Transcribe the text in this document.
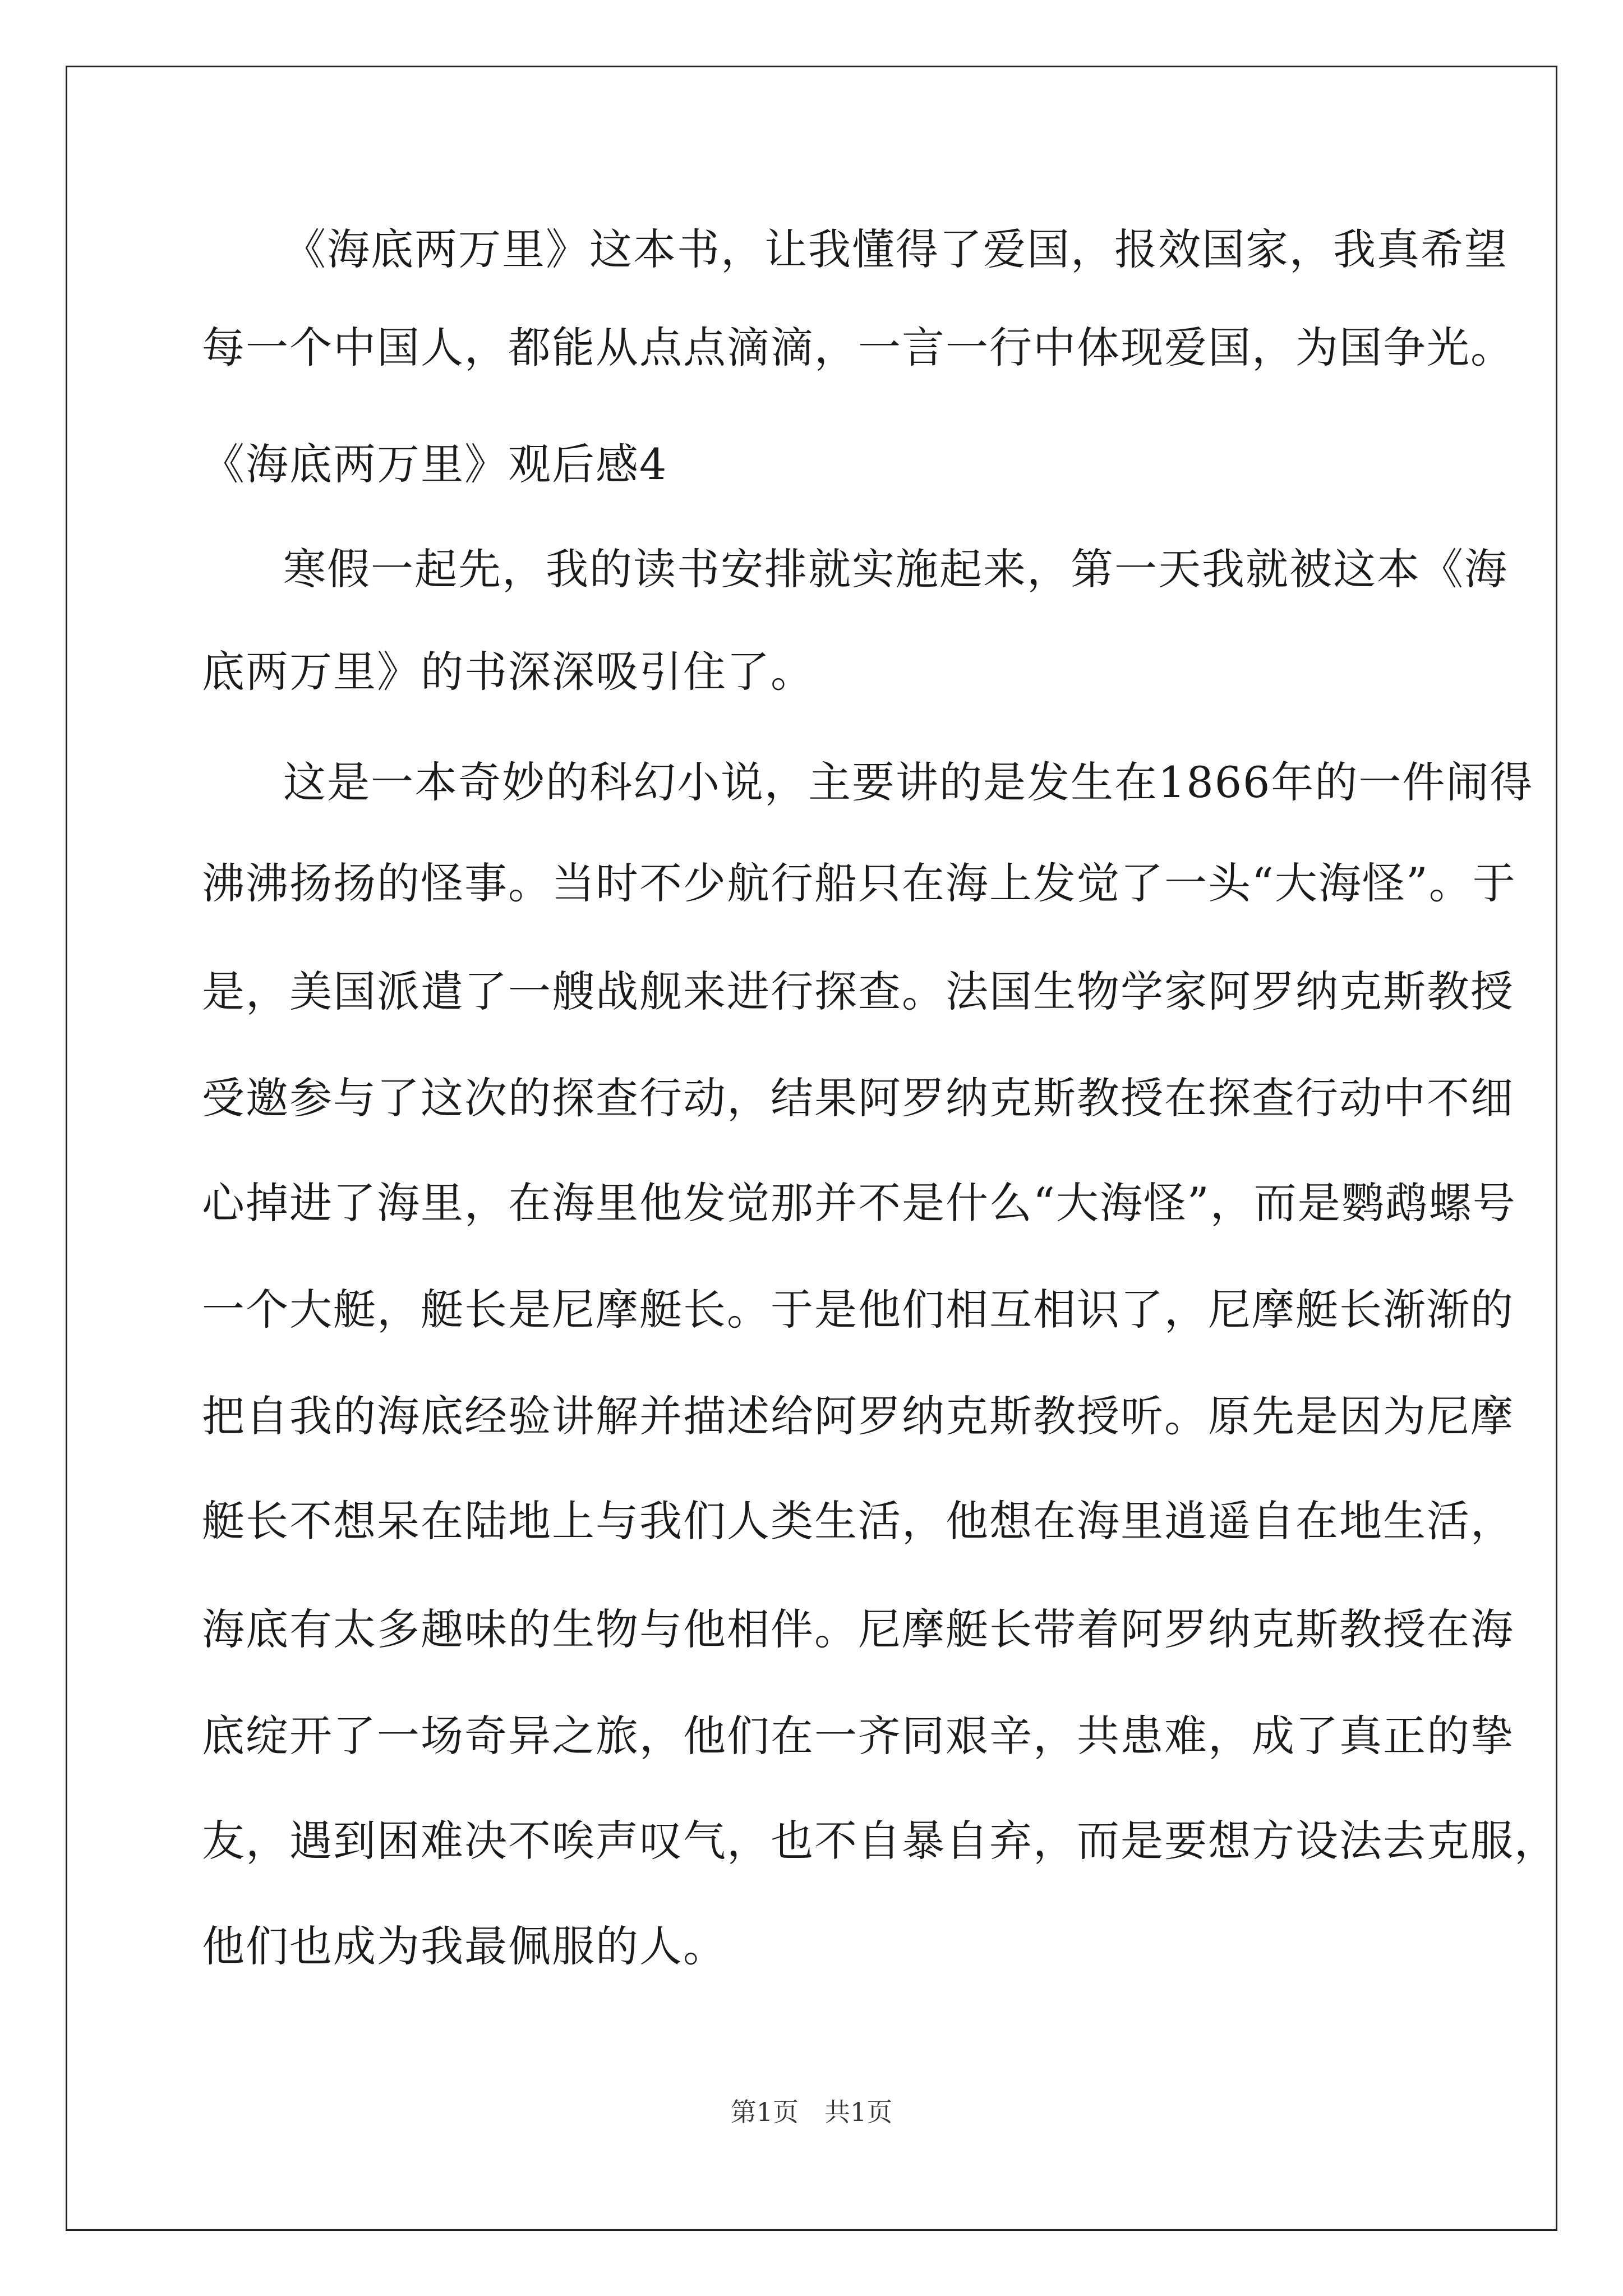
《海底两万里》这本书，让我懂得了爱国，报效国家，我真希望
每一个中国人，都能从点点滴滴，一言一行中体现爱国，为国争光。
《海底两万里》观后感4
寒假一起先，我的读书安排就实施起来，第一天我就被这本《海
底两万里》的书深深吸引住了。
这是一本奇妙的科幻小说，主要讲的是发生在1866年的一件闹得
沸沸扬扬的怪事。当时不少航行船只在海上发觉了一头“大海怪”。于
是，美国派遣了一艘战舰来进行探查。法国生物学家阿罗纳克斯教授
受邀参与了这次的探查行动，结果阿罗纳克斯教授在探查行动中不细
心掉进了海里，在海里他发觉那并不是什么“大海怪”，而是鹦鹉螺号
一个大艇，艇长是尼摩艇长。于是他们相互相识了，尼摩艇长渐渐的
把自我的海底经验讲解并描述给阿罗纳克斯教授听。原先是因为尼摩
艇长不想呆在陆地上与我们人类生活，他想在海里逍遥自在地生活，
海底有太多趣味的生物与他相伴。尼摩艇长带着阿罗纳克斯教授在海
底绽开了一场奇异之旅，他们在一齐同艰辛，共患难，成了真正的挚
友，遇到困难决不唉声叹气，也不自暴自弃，而是要想方设法去克服，
他们也成为我最佩服的人。
第1页　共1页
